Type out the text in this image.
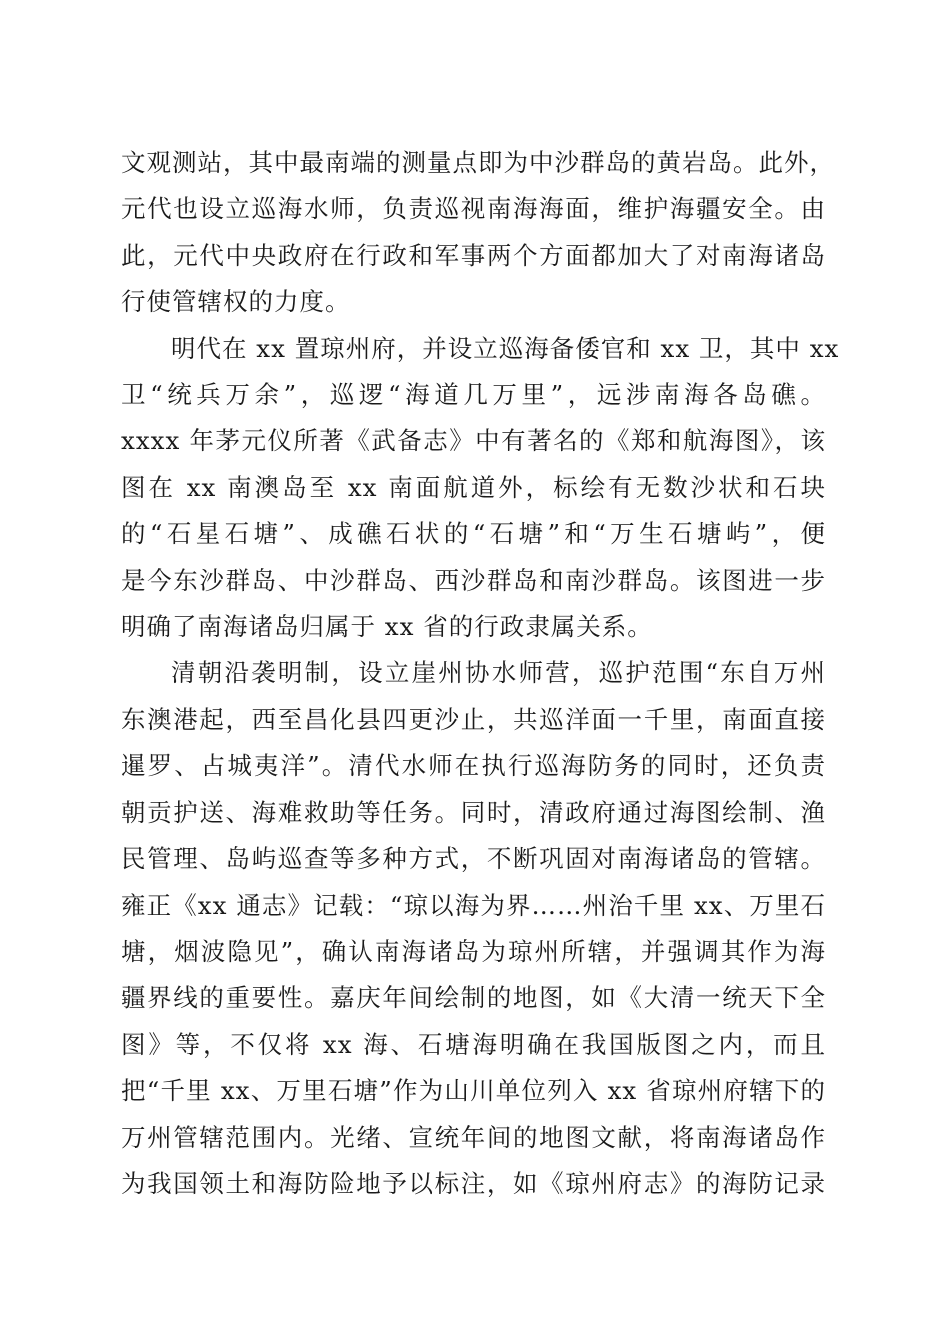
文观测站，其中最南端的测量点即为中沙群岛的黄岩岛。此外，
元代也设立巡海水师，负责巡视南海海面，维护海疆安全。由
此，元代中央政府在行政和军事两个方面都加大了对南海诸岛
行使管辖权的力度。
明代在 xx 置琼州府，并设立巡海备倭官和 xx 卫，其中 xx
卫“统兵万余”，巡逻“海道几万里”，远涉南海各岛礁。
xxxx 年茅元仪所著《武备志》中有著名的《郑和航海图》，该
图在 xx 南澳岛至 xx 南面航道外，标绘有无数沙状和石块
的“石星石塘”、成礁石状的“石塘”和“万生石塘屿”，便
是今东沙群岛、中沙群岛、西沙群岛和南沙群岛。该图进一步
明确了南海诸岛归属于 xx 省的行政隶属关系。
清朝沿袭明制，设立崖州协水师营，巡护范围“东自万州
东澳港起，西至昌化县四更沙止，共巡洋面一千里，南面直接
暹罗、占城夷洋”。清代水师在执行巡海防务的同时，还负责
朝贡护送、海难救助等任务。同时，清政府通过海图绘制、渔
民管理、岛屿巡查等多种方式，不断巩固对南海诸岛的管辖。
雍正《xx 通志》记载：“琼以海为界……州治千里 xx、万里石
塘，烟波隐见”，确认南海诸岛为琼州所辖，并强调其作为海
疆界线的重要性。嘉庆年间绘制的地图，如《大清一统天下全
图》等，不仅将 xx 海、石塘海明确在我国版图之内，而且
把“千里 xx、万里石塘”作为山川单位列入 xx 省琼州府辖下的
万州管辖范围内。光绪、宣统年间的地图文献，将南海诸岛作
为我国领土和海防险地予以标注，如《琼州府志》的海防记录
